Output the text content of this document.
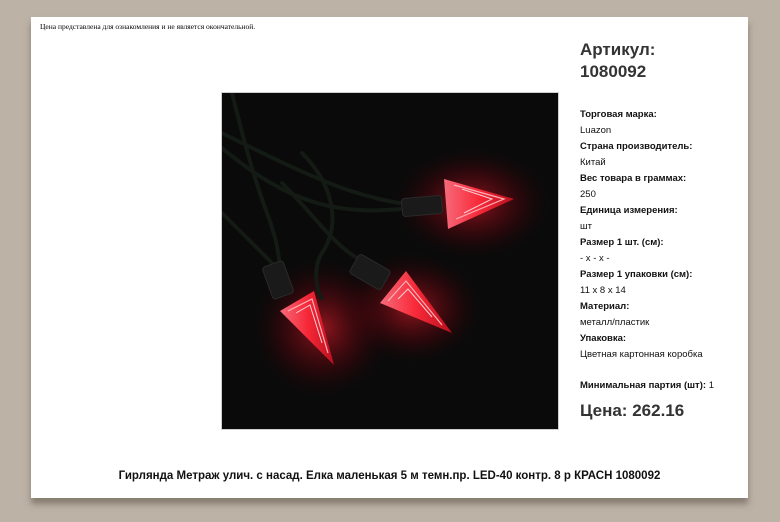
Цена представлена для ознакомления и не является окончательной.
Артикул:
1080092
Торговая марка:
Luazon
Страна производитель:
Китай
Вес товара в граммах:
250
Единица измерения:
шт
Размер 1 шт. (см):
- x - x -
Размер 1 упаковки (см):
11 x 8 x 14
Материал:
металл/пластик
Упаковка:
Цветная картонная коробка
Минимальная партия (шт): 1
Цена: 262.16
Гирлянда Метраж улич. с насад. Елка маленькая 5 м темн.пр. LED-40 контр. 8 р КРАСН 1080092
